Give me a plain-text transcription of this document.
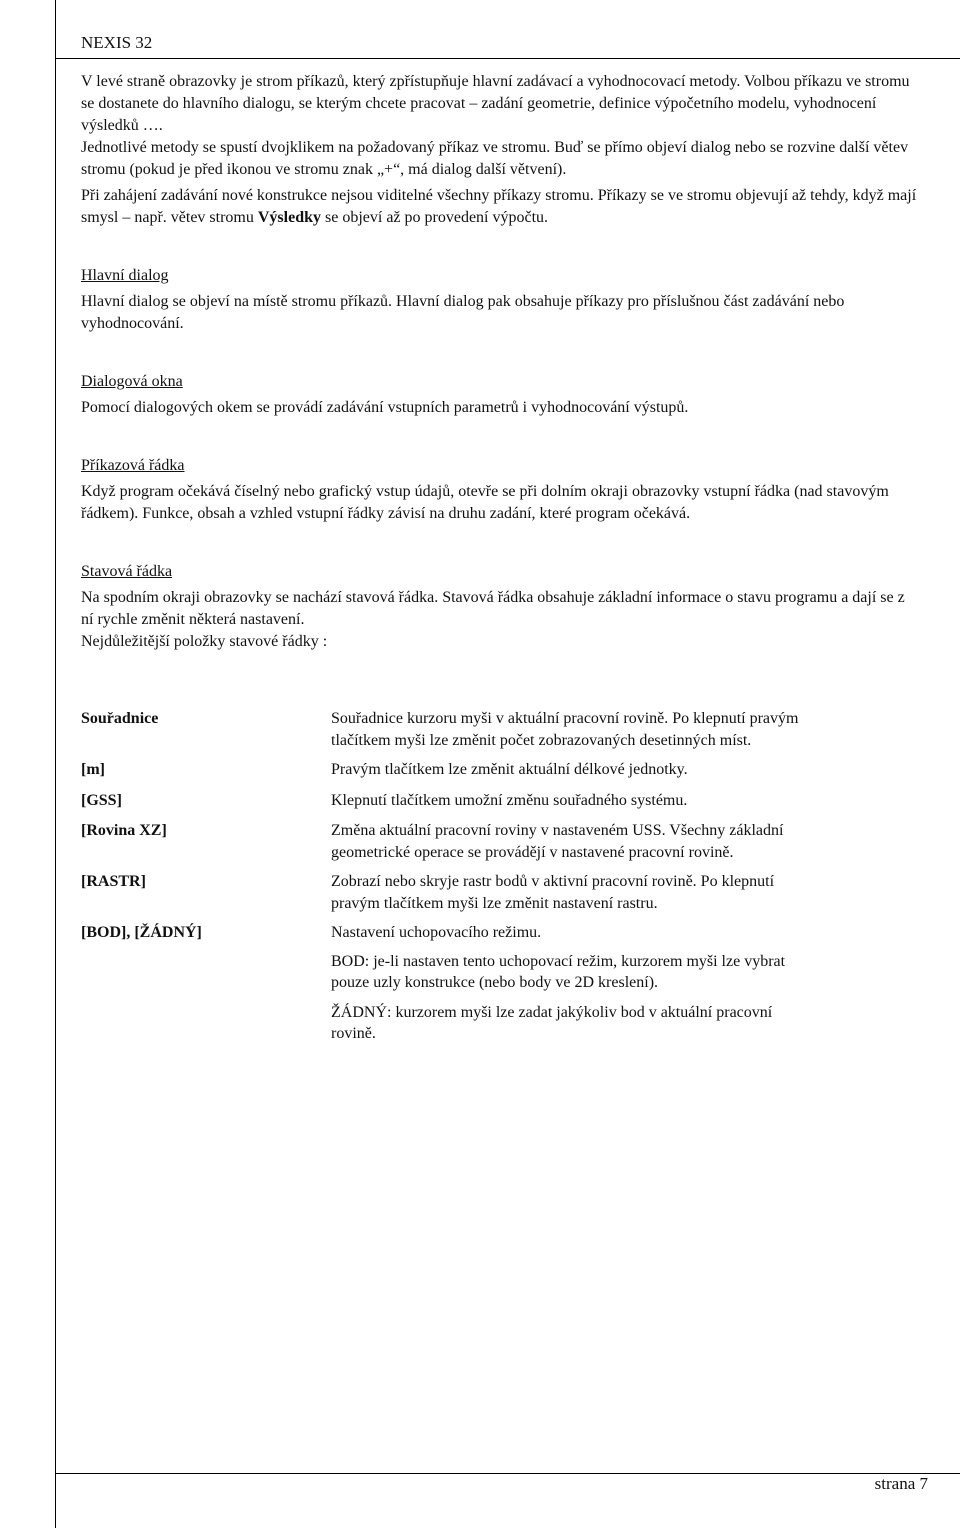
NEXIS 32

V levé straně obrazovky je strom příkazů, který zpřístupňuje hlavní zadávací a vyhodnocovací metody. Volbou příkazu ve stromu se dostanete do hlavního dialogu, se kterým chcete pracovat – zadání geometrie, definice výpočetního modelu, vyhodnocení výsledků ….

Jednotlivé metody se spustí dvojklikem na požadovaný příkaz ve stromu. Buď se přímo objeví dialog nebo se rozvine další větev stromu (pokud je před ikonou ve stromu znak „+“, má dialog další větvení).

Při zahájení zadávání nové konstrukce nejsou viditelné všechny příkazy stromu. Příkazy se ve stromu objevují až tehdy, když mají smysl – např. větev stromu Výsledky se objeví až po provedení výpočtu.

Hlavní dialog

Hlavní dialog se objeví na místě stromu příkazů. Hlavní dialog pak obsahuje příkazy pro příslušnou část zadávání nebo vyhodnocování.

Dialogová okna

Pomocí dialogových okem se provádí zadávání vstupních parametrů i vyhodnocování výstupů.

Příkazová řádka

Když program očekává číselný nebo grafický vstup údajů, otevře se při dolním okraji obrazovky vstupní řádka (nad stavovým řádkem). Funkce, obsah a vzhled vstupní řádky závisí na druhu zadání, které program očekává.

Stavová řádka

Na spodním okraji obrazovky se nachází stavová řádka. Stavová řádka obsahuje základní informace o stavu programu a dají se z ní rychle změnit některá nastavení.

Nejdůležitější položky stavové řádky :

Souřadnice	Souřadnice kurzoru myši v aktuální pracovní rovině. Po klepnutí pravým tlačítkem myši lze změnit počet zobrazovaných desetinných míst.
[m]	Pravým tlačítkem lze změnit aktuální délkové jednotky.
[GSS]	Klepnutí tlačítkem umožní změnu souřadného systému.
[Rovina XZ]	Změna aktuální pracovní roviny v nastaveném USS. Všechny základní geometrické operace se provádějí v nastavené pracovní rovině.
[RASTR]	Zobrazí nebo skryje rastr bodů v aktivní pracovní rovině. Po klepnutí pravým tlačítkem myši lze změnit nastavení rastru.
[BOD], [ŽÁDNÝ]	Nastavení uchopovacího režimu.
BOD: je-li nastaven tento uchopovací režim, kurzorem myši lze vybrat pouze uzly konstrukce (nebo body ve 2D kreslení).
ŽÁDNÝ: kurzorem myši lze zadat jakýkoliv bod v aktuální pracovní rovině.
strana 7
